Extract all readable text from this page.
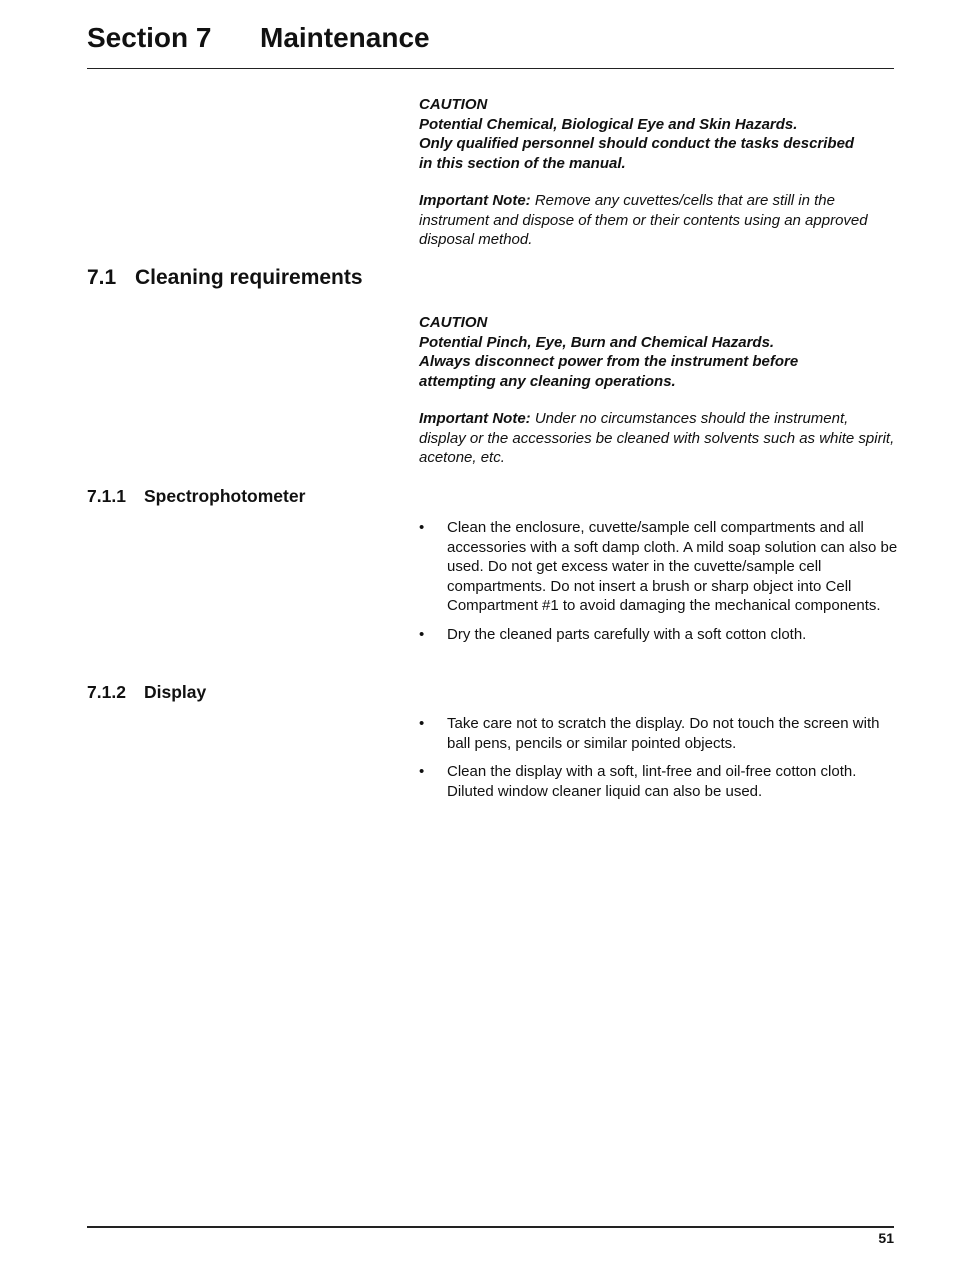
Section 7 Maintenance
CAUTION
Potential Chemical, Biological Eye and Skin Hazards.
Only qualified personnel should conduct the tasks described
in this section of the manual.
Important Note: Remove any cuvettes/cells that are still in the instrument and dispose of them or their contents using an approved disposal method.
7.1 Cleaning requirements
CAUTION
Potential Pinch, Eye, Burn and Chemical Hazards.
Always disconnect power from the instrument before
attempting any cleaning operations.
Important Note: Under no circumstances should the instrument, display or the accessories be cleaned with solvents such as white spirit, acetone, etc.
7.1.1 Spectrophotometer
• Clean the enclosure, cuvette/sample cell compartments and all accessories with a soft damp cloth. A mild soap solution can also be used. Do not get excess water in the cuvette/sample cell compartments. Do not insert a brush or sharp object into Cell Compartment #1 to avoid damaging the mechanical components.
• Dry the cleaned parts carefully with a soft cotton cloth.
7.1.2 Display
• Take care not to scratch the display. Do not touch the screen with ball pens, pencils or similar pointed objects.
• Clean the display with a soft, lint-free and oil-free cotton cloth. Diluted window cleaner liquid can also be used.
51
